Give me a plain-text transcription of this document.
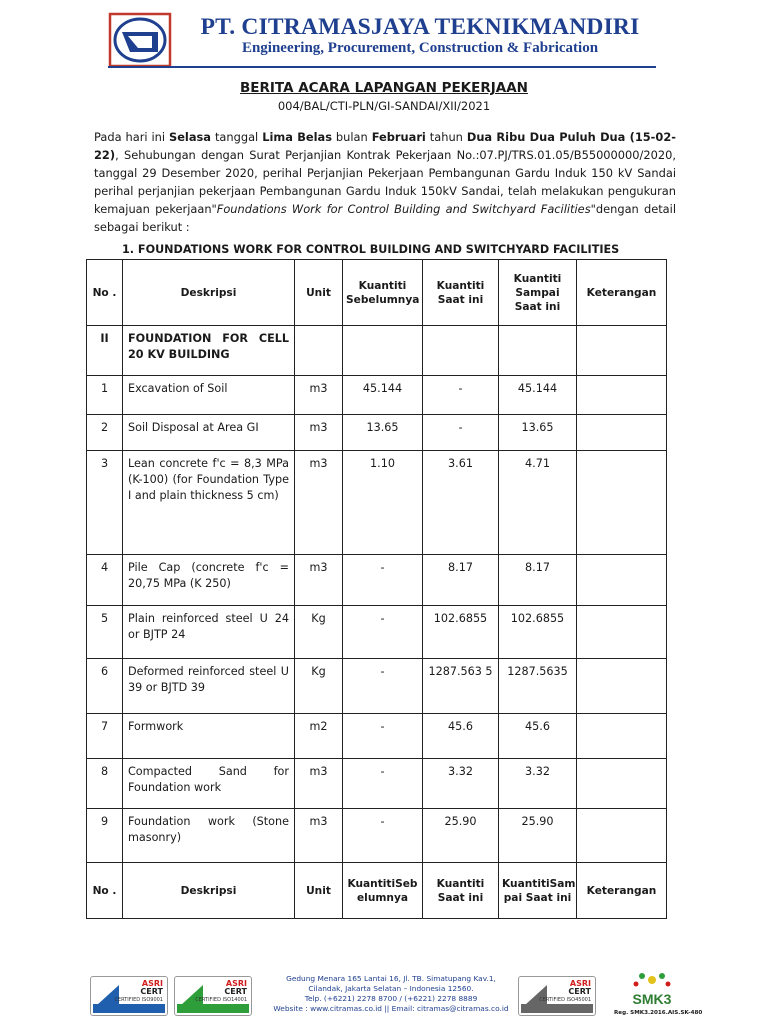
PT. CITRAMASJAYA TEKNIKMANDIRI
Engineering, Procurement, Construction & Fabrication
BERITA ACARA LAPANGAN PEKERJAAN
004/BAL/CTI-PLN/GI-SANDAI/XII/2021
Pada hari ini Selasa tanggal Lima Belas bulan Februari tahun Dua Ribu Dua Puluh Dua (15-02-22), Sehubungan dengan Surat Perjanjian Kontrak Pekerjaan No.:07.PJ/TRS.01.05/B55000000/2020, tanggal 29 Desember 2020, perihal Perjanjian Pekerjaan Pembangunan Gardu Induk 150 kV Sandai perihal perjanjian pekerjaan Pembangunan Gardu Induk 150kV Sandai, telah melakukan pengukuran kemajuan pekerjaan"Foundations Work for Control Building and Switchyard Facilities"dengan detail sebagai berikut :
1. FOUNDATIONS WORK FOR CONTROL BUILDING AND SWITCHYARD FACILITIES
No .	Deskripsi	Unit	Kuantiti Sebelumnya	Kuantiti Saat ini	Kuantiti Sampai Saat ini	Keterangan
II	FOUNDATION FOR CELL 20 KV BUILDING					
1	Excavation of Soil	m3	45.144	-	45.144	
2	Soil Disposal at Area GI	m3	13.65	-	13.65	
3	Lean concrete f'c = 8,3 MPa (K-100) (for Foundation Type I and plain thickness 5 cm)	m3	1.10	3.61	4.71	
4	Pile Cap (concrete f'c = 20,75 MPa (K 250)	m3	-	8.17	8.17	
5	Plain reinforced steel U 24 or BJTP 24	Kg	-	102.6855	102.6855	
6	Deformed reinforced steel U 39 or BJTD 39	Kg	-	1287.563 5	1287.5635	
7	Formwork	m2	-	45.6	45.6	
8	Compacted Sand for Foundation work	m3	-	3.32	3.32	
9	Foundation work (Stone masonry)	m3	-	25.90	25.90	
No .	Deskripsi	Unit	KuantitiSeb elumnya	Kuantiti Saat ini	KuantitiSam pai Saat ini	Keterangan
ASRI
CERT
CERTIFIED ISO9001
ASRI
CERT
CERTIFIED ISO14001
Gedung Menara 165 Lantai 16, Jl. TB. Simatupang Kav.1,
Cilandak, Jakarta Selatan – Indonesia 12560.
Telp. (+6221) 2278 8700 / (+6221) 2278 8889
Website : www.citramas.co.id || Email: citramas@citramas.co.id
ASRI
CERT
CERTIFIED ISO45001	SMK3
Reg. SMK3.2016.AIS.SK-480
